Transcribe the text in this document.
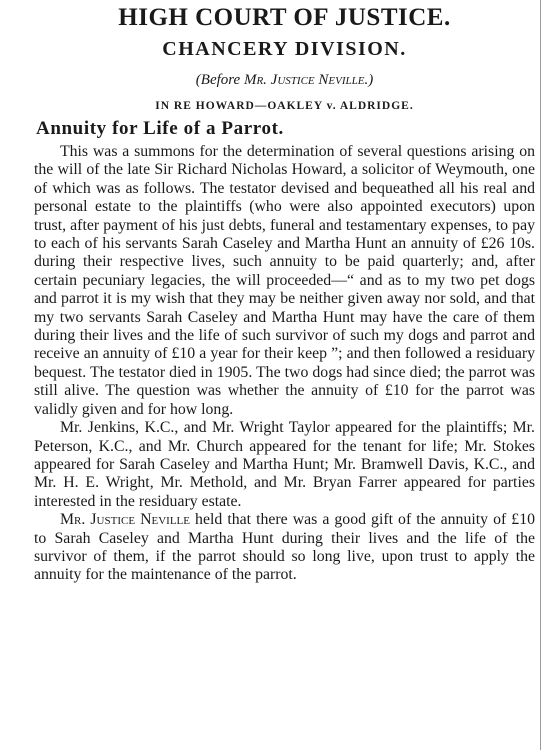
HIGH COURT OF JUSTICE.
CHANCERY DIVISION.
(Before Mr. Justice Neville.)
IN RE HOWARD—OAKLEY v. ALDRIDGE.
Annuity for Life of a Parrot.

This was a summons for the determination of several questions arising on the will of the late Sir Richard Nicholas Howard, a solicitor of Weymouth, one of which was as follows. The testator devised and bequeathed all his real and personal estate to the plaintiffs (who were also appointed executors) upon trust, after payment of his just debts, funeral and testamentary expenses, to pay to each of his servants Sarah Caseley and Martha Hunt an annuity of £26 10s. during their respective lives, such annuity to be paid quarterly; and, after certain pecuniary legacies, the will proceeded—“ and as to my two pet dogs and parrot it is my wish that they may be neither given away nor sold, and that my two servants Sarah Caseley and Martha Hunt may have the care of them during their lives and the life of such survivor of such my dogs and parrot and receive an annuity of £10 a year for their keep ”; and then followed a residuary bequest. The testator died in 1905. The two dogs had since died; the parrot was still alive. The question was whether the annuity of £10 for the parrot was validly given and for how long.

Mr. Jenkins, K.C., and Mr. Wright Taylor appeared for the plaintiffs; Mr. Peterson, K.C., and Mr. Church appeared for the tenant for life; Mr. Stokes appeared for Sarah Caseley and Martha Hunt; Mr. Bramwell Davis, K.C., and Mr. H. E. Wright, Mr. Methold, and Mr. Bryan Farrer appeared for parties interested in the residuary estate.

Mr. Justice Neville held that there was a good gift of the annuity of £10 to Sarah Caseley and Martha Hunt during their lives and the life of the survivor of them, if the parrot should so long live, upon trust to apply the annuity for the maintenance of the parrot.
